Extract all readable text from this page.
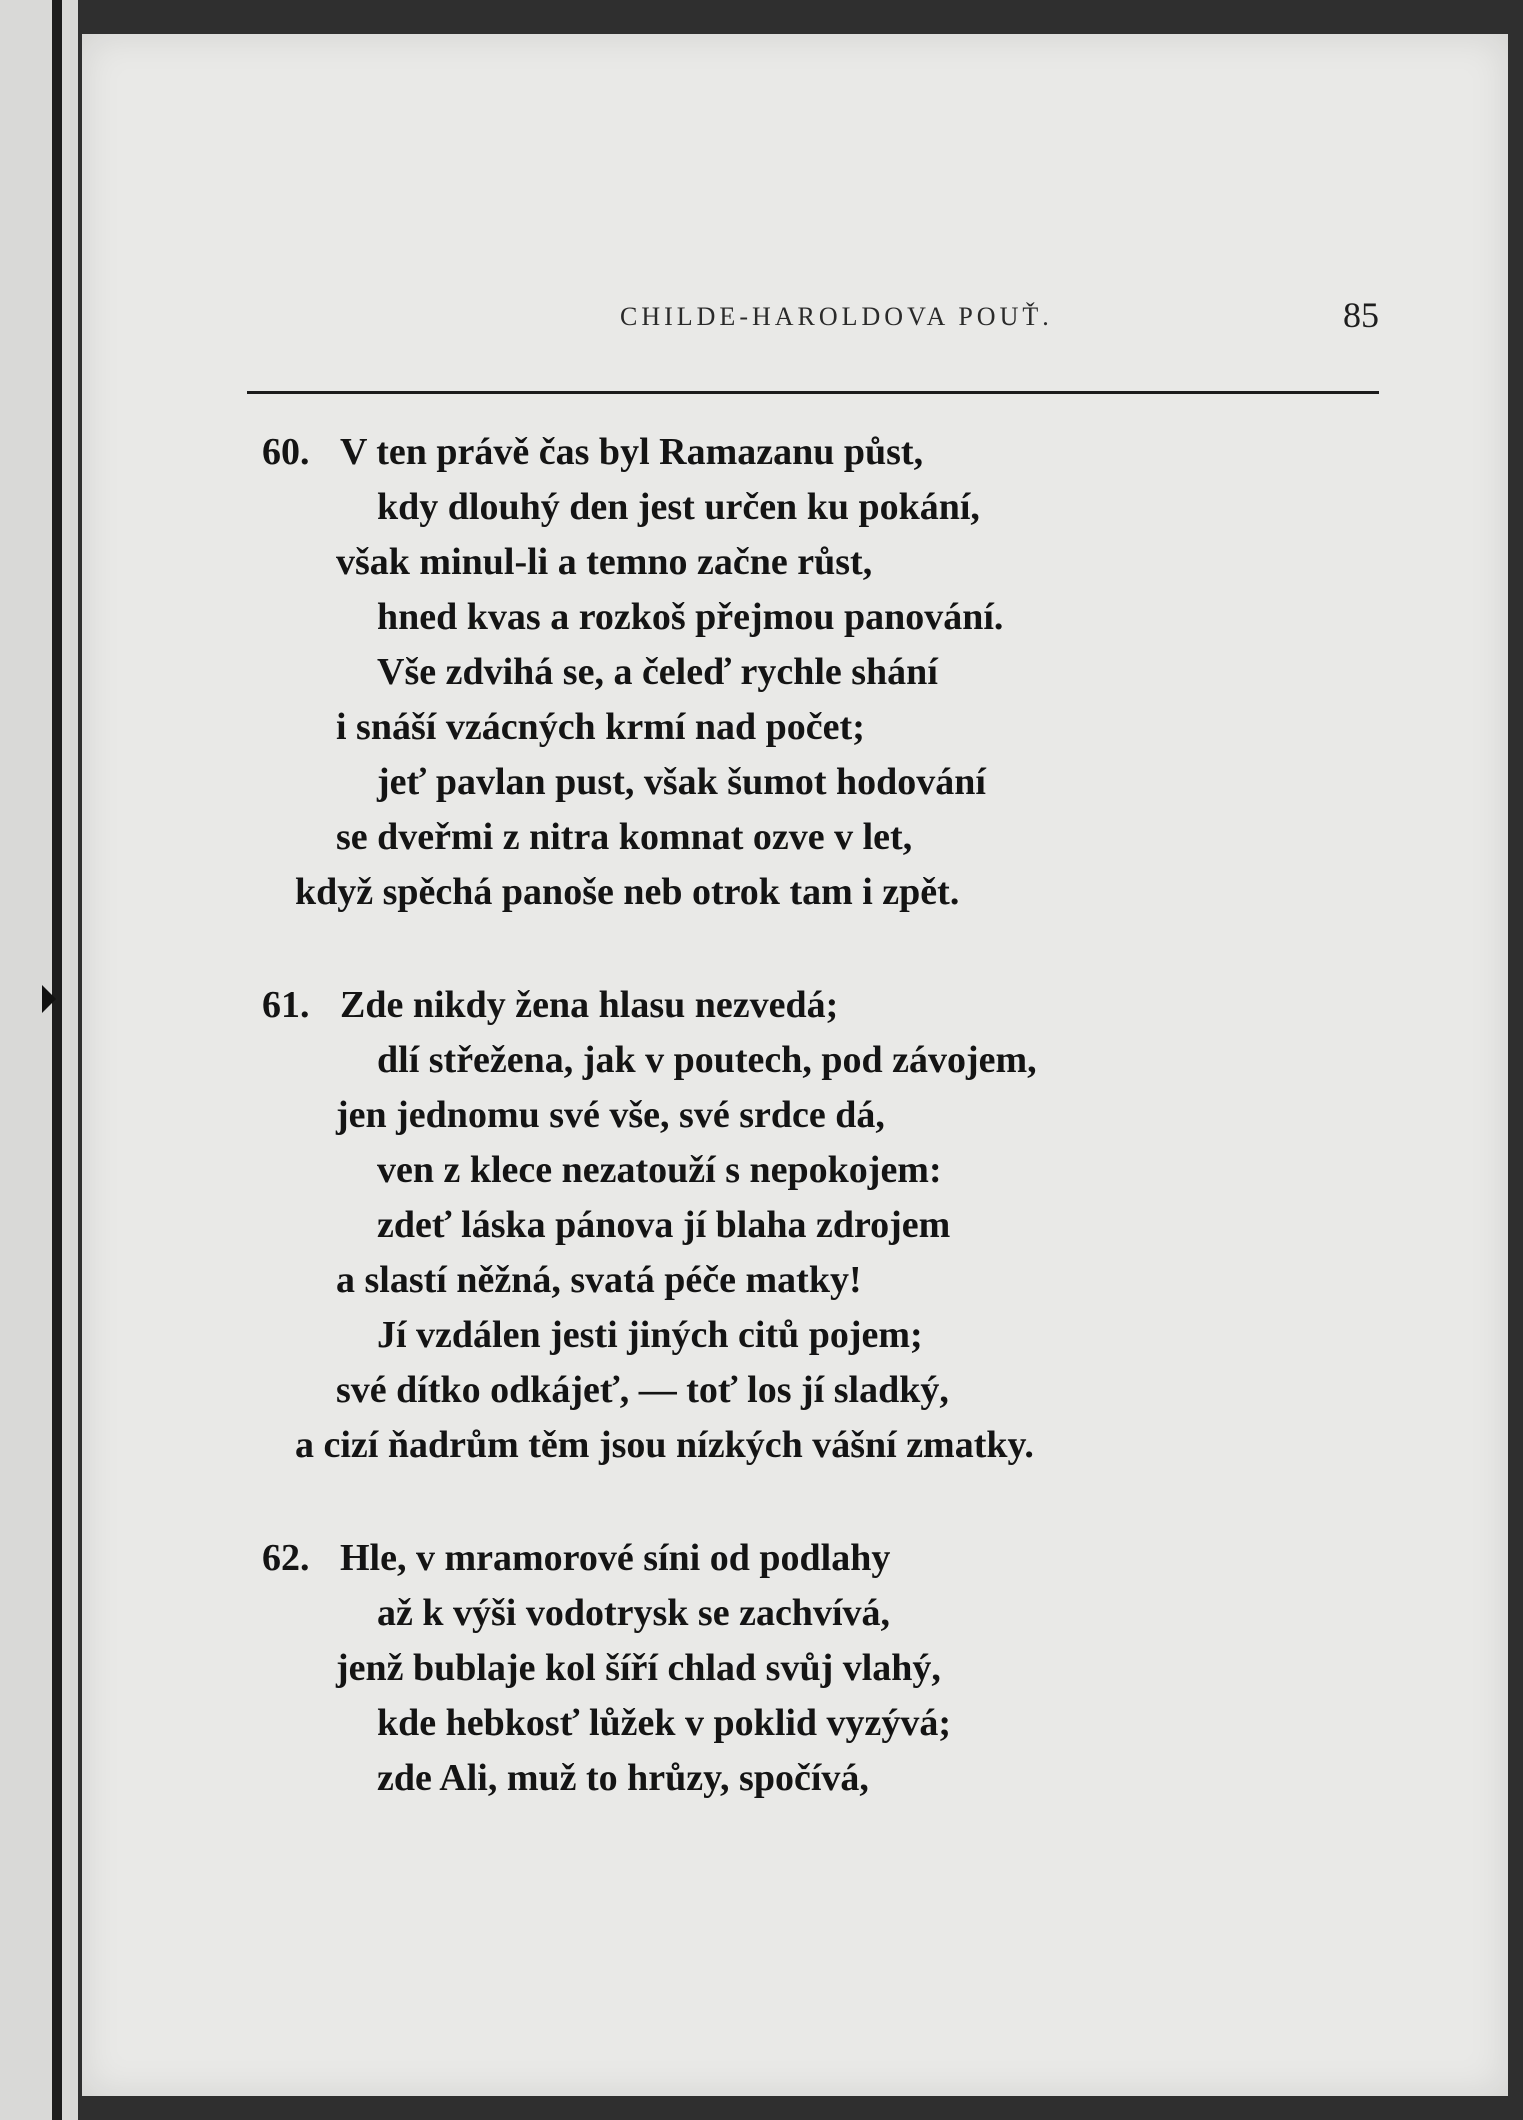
CHILDE-HAROLDOVA POUŤ.	85
60. V ten právě čas byl Ramazanu půst,
kdy dlouhý den jest určen ku pokání,
však minul-li a temno začne růst,
hned kvas a rozkoš přejmou panování.
Vše zdvihá se, a čeleď rychle shání
i snáší vzácných krmí nad počet;
jeť pavlan pust, však šumot hodování
se dveřmi z nitra komnat ozve v let,
když spěchá panoše neb otrok tam i zpět.
61. Zde nikdy žena hlasu nezvedá;
dlí střežena, jak v poutech, pod závojem,
jen jednomu své vše, své srdce dá,
ven z klece nezatouží s nepokojem:
zdeť láska pánova jí blaha zdrojem
a slastí něžná, svatá péče matky!
Jí vzdálen jesti jiných citů pojem;
své dítko odkájeť, — toť los jí sladký,
a cizí ňadrům těm jsou nízkých vášní zmatky.
62. Hle, v mramorové síni od podlahy
až k výši vodotrysk se zachvívá,
jenž bublaje kol šíří chlad svůj vlahý,
kde hebkosť lůžek v poklid vyzývá;
zde Ali, muž to hrůzy, spočívá,
